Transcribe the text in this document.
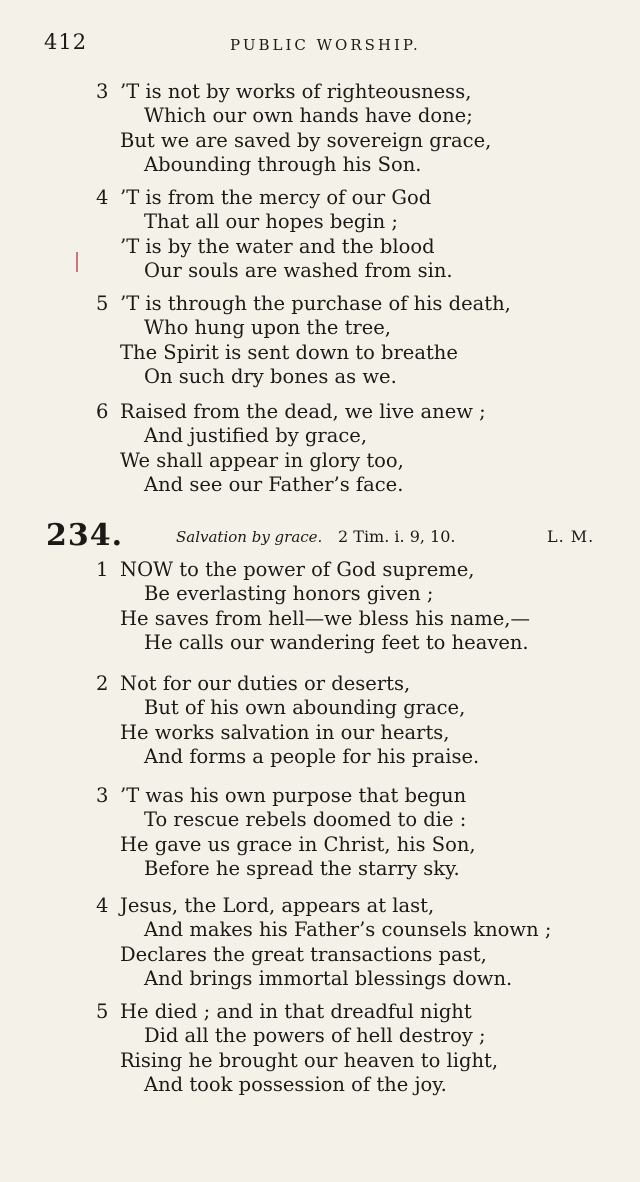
412	PUBLIC WORSHIP.
3 ’T is not by works of righteousness,
Which our own hands have done;
But we are saved by sovereign grace,
Abounding through his Son.
4 ’T is from the mercy of our God
That all our hopes begin ;
’T is by the water and the blood
Our souls are washed from sin.
5 ’T is through the purchase of his death,
Who hung upon the tree,
The Spirit is sent down to breathe
On such dry bones as we.
6 Raised from the dead, we live anew ;
And justified by grace,
We shall appear in glory too,
And see our Father’s face.
234.	Salvation by grace. 2 Tim. i. 9, 10.	L. M.
1 NOW to the power of God supreme,
Be everlasting honors given ;
He saves from hell—we bless his name,—
He calls our wandering feet to heaven.
2 Not for our duties or deserts,
But of his own abounding grace,
He works salvation in our hearts,
And forms a people for his praise.
3 ’T was his own purpose that begun
To rescue rebels doomed to die :
He gave us grace in Christ, his Son,
Before he spread the starry sky.
4 Jesus, the Lord, appears at last,
And makes his Father’s counsels known ;
Declares the great transactions past,
And brings immortal blessings down.
5 He died ; and in that dreadful night
Did all the powers of hell destroy ;
Rising he brought our heaven to light,
And took possession of the joy.
